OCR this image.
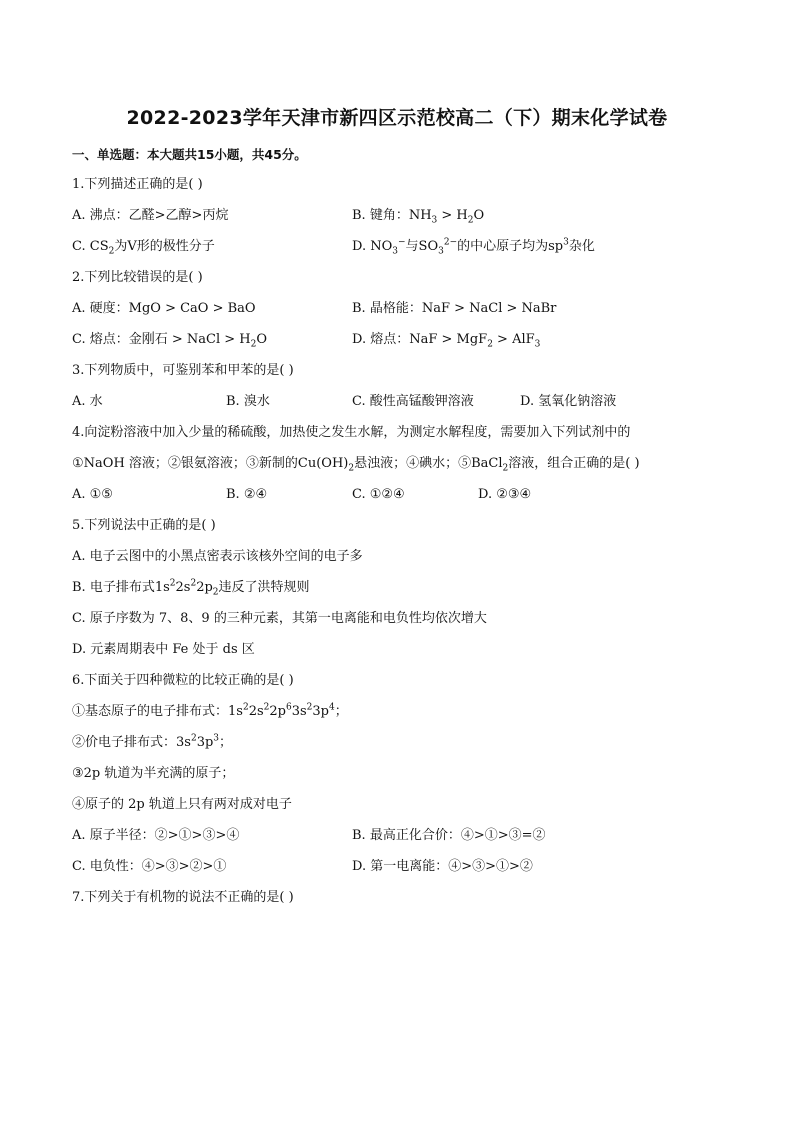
2022-2023学年天津市新四区示范校高二（下）期末化学试卷
一、单选题：本大题共15小题，共45分。
1.下列描述正确的是( )
A. 沸点：乙醛>乙醇>丙烷	B. 键角：$NH_3 > H_2O$
C. $CS_2$为V形的极性分子	D. $NO_3^-$与$SO_3^{2-}$的中心原子均为$sp^3$杂化
2.下列比较错误的是( )
A. 硬度：MgO > CaO > BaO	B. 晶格能：NaF > NaCl > NaBr
C. 熔点：金刚石 > NaCl > $H_2O$	D. 熔点：NaF > MgF$_2$ > AlF$_3$
3.下列物质中，可鉴别苯和甲苯的是( )
A. 水	B. 溴水	C. 酸性高锰酸钾溶液	D. 氢氧化钠溶液
4.向淀粉溶液中加入少量的稀硫酸，加热使之发生水解，为测定水解程度，需要加入下列试剂中的
①NaOH 溶液；②银氨溶液；③新制的$Cu(OH)_2$悬浊液；④碘水；⑤BaCl$_2$溶液，组合正确的是( )
A. ①⑤	B. ②④	C. ①②④	D. ②③④
5.下列说法中正确的是( )
A. 电子云图中的小黑点密表示该核外空间的电子多
B. 电子排布式$1s^22s^22p_2$违反了洪特规则
C. 原子序数为 7、8、9 的三种元素，其第一电离能和电负性均依次增大
D. 元素周期表中 Fe 处于 ds 区
6.下面关于四种微粒的比较正确的是( )
①基态原子的电子排布式：$1s^22s^22p^63s^23p^4$；
②价电子排布式：$3s^23p^3$；
③2p 轨道为半充满的原子；
④原子的 2p 轨道上只有两对成对电子
A. 原子半径：②>①>③>④	B. 最高正化合价：④>①>③=②
C. 电负性：④>③>②>①	D. 第一电离能：④>③>①>②
7.下列关于有机物的说法不正确的是( )
